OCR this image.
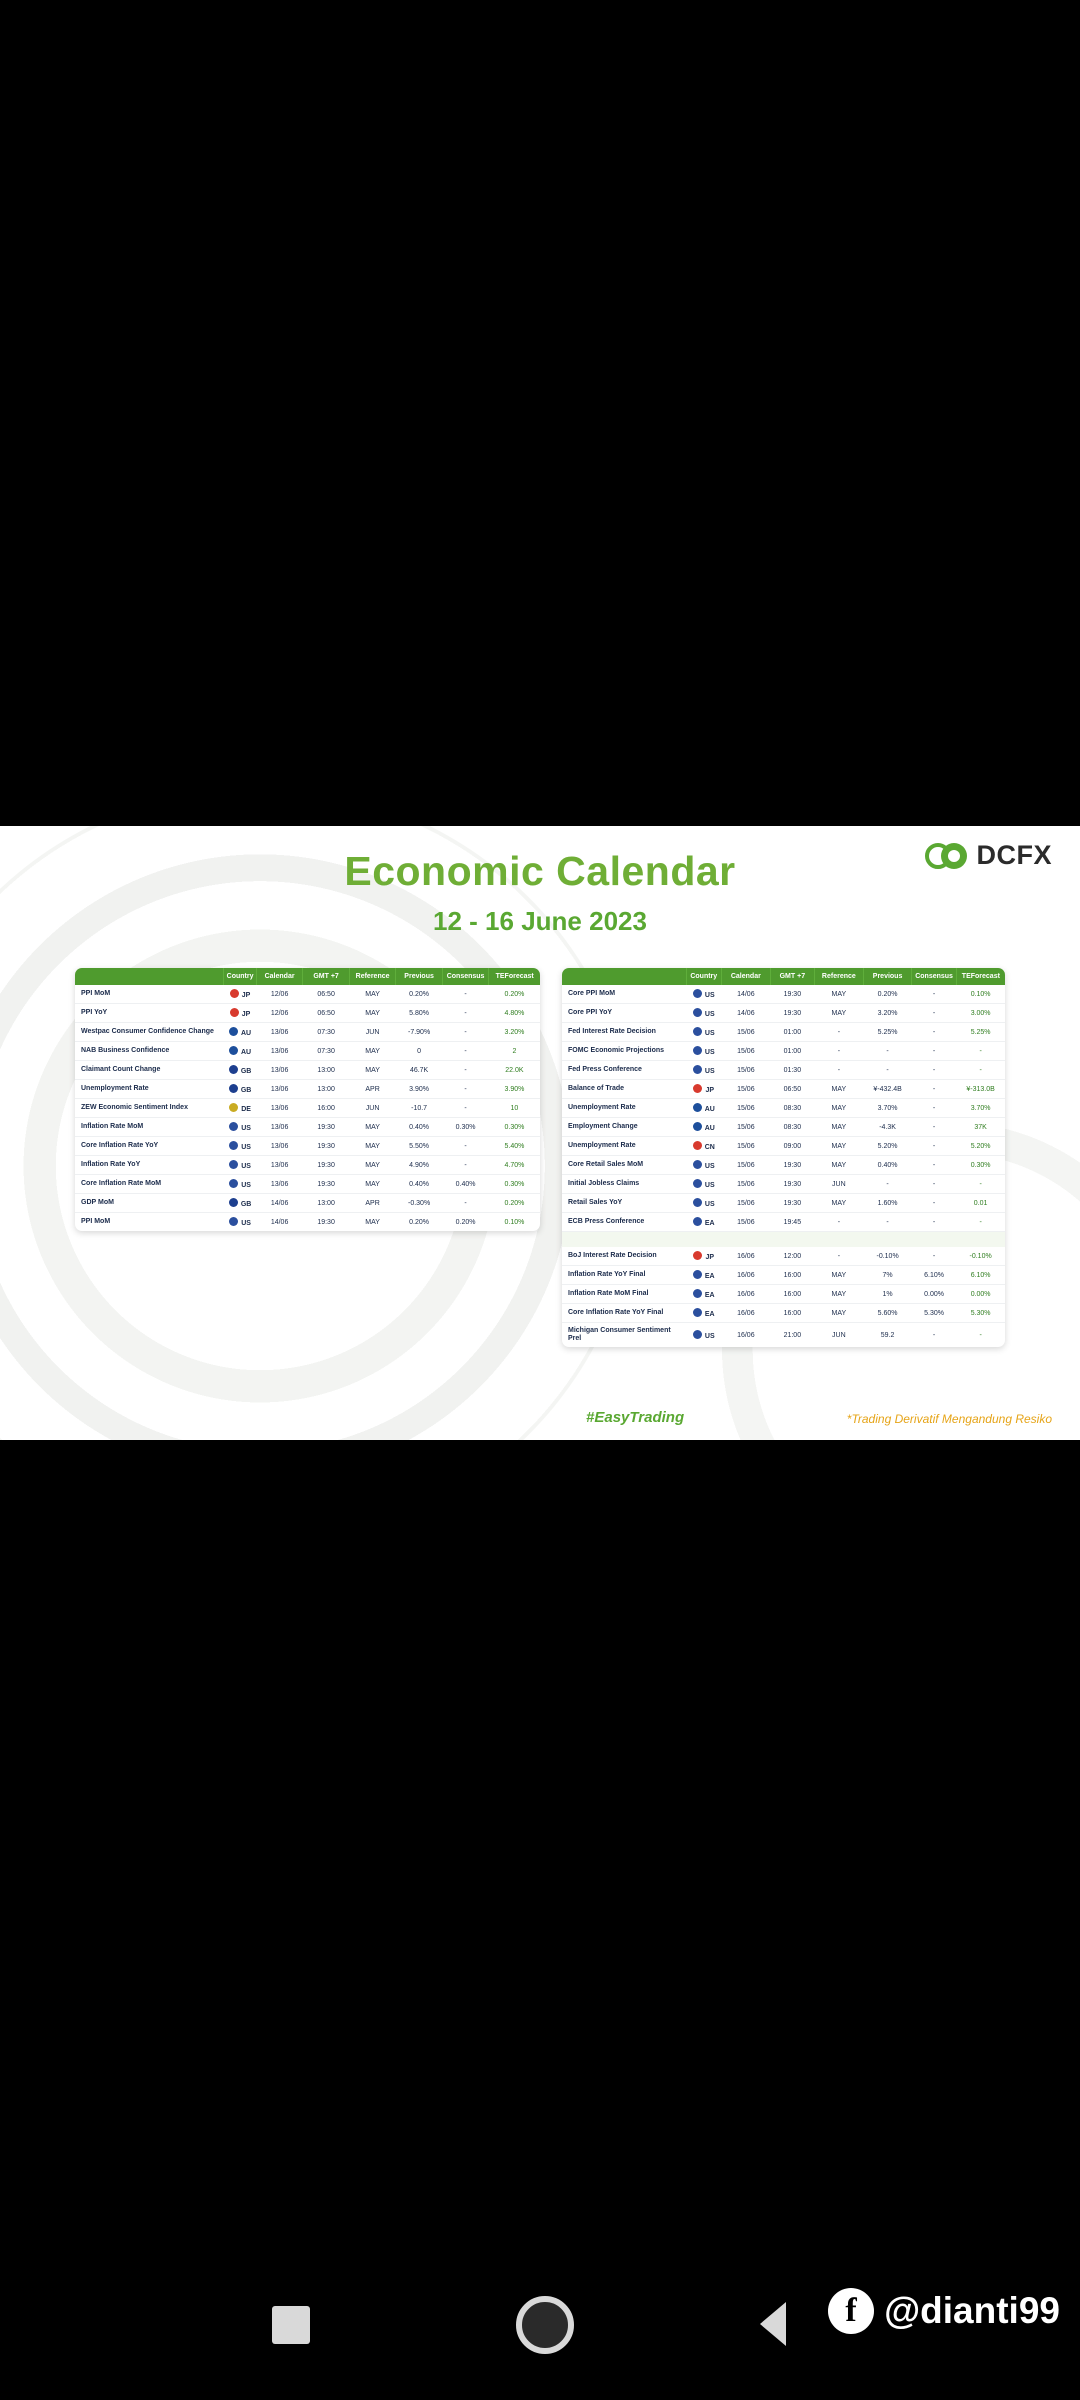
DCFX
Economic Calendar
12 - 16 June 2023
	Country	Calendar	GMT +7	Reference	Previous	Consensus	TEForecast
PPI MoM	JP	12/06	06:50	MAY	0.20%	-	0.20%
PPI YoY	JP	12/06	06:50	MAY	5.80%	-	4.80%
Westpac Consumer Confidence Change	AU	13/06	07:30	JUN	-7.90%	-	3.20%
NAB Business Confidence	AU	13/06	07:30	MAY	0	-	2
Claimant Count Change	GB	13/06	13:00	MAY	46.7K	-	22.0K
Unemployment Rate	GB	13/06	13:00	APR	3.90%	-	3.90%
ZEW Economic Sentiment Index	DE	13/06	16:00	JUN	-10.7	-	10
Inflation Rate MoM	US	13/06	19:30	MAY	0.40%	0.30%	0.30%
Core Inflation Rate YoY	US	13/06	19:30	MAY	5.50%	-	5.40%
Inflation Rate YoY	US	13/06	19:30	MAY	4.90%	-	4.70%
Core Inflation Rate MoM	US	13/06	19:30	MAY	0.40%	0.40%	0.30%
GDP MoM	GB	14/06	13:00	APR	-0.30%	-	0.20%
PPI MoM	US	14/06	19:30	MAY	0.20%	0.20%	0.10%
	Country	Calendar	GMT +7	Reference	Previous	Consensus	TEForecast
Core PPI MoM	US	14/06	19:30	MAY	0.20%	-	0.10%
Core PPI YoY	US	14/06	19:30	MAY	3.20%	-	3.00%
Fed Interest Rate Decision	US	15/06	01:00	-	5.25%	-	5.25%
FOMC Economic Projections	US	15/06	01:00	-	-	-	-
Fed Press Conference	US	15/06	01:30	-	-	-	-
Balance of Trade	JP	15/06	06:50	MAY	¥-432.4B	-	¥-313.0B
Unemployment Rate	AU	15/06	08:30	MAY	3.70%	-	3.70%
Employment Change	AU	15/06	08:30	MAY	-4.3K	-	37K
Unemployment Rate	CN	15/06	09:00	MAY	5.20%	-	5.20%
Core Retail Sales MoM	US	15/06	19:30	MAY	0.40%	-	0.30%
Initial Jobless Claims	US	15/06	19:30	JUN	-	-	-
Retail Sales YoY	US	15/06	19:30	MAY	1.60%	-	0.01
ECB Press Conference	EA	15/06	19:45	-	-	-	-

BoJ Interest Rate Decision	JP	16/06	12:00	-	-0.10%	-	-0.10%
Inflation Rate YoY Final	EA	16/06	16:00	MAY	7%	6.10%	6.10%
Inflation Rate MoM Final	EA	16/06	16:00	MAY	1%	0.00%	0.00%
Core Inflation Rate YoY Final	EA	16/06	16:00	MAY	5.60%	5.30%	5.30%
Michigan Consumer Sentiment Prel	US	16/06	21:00	JUN	59.2	-	-
#EasyTrading	*Trading Derivatif Mengandung Resiko
f @dianti99
